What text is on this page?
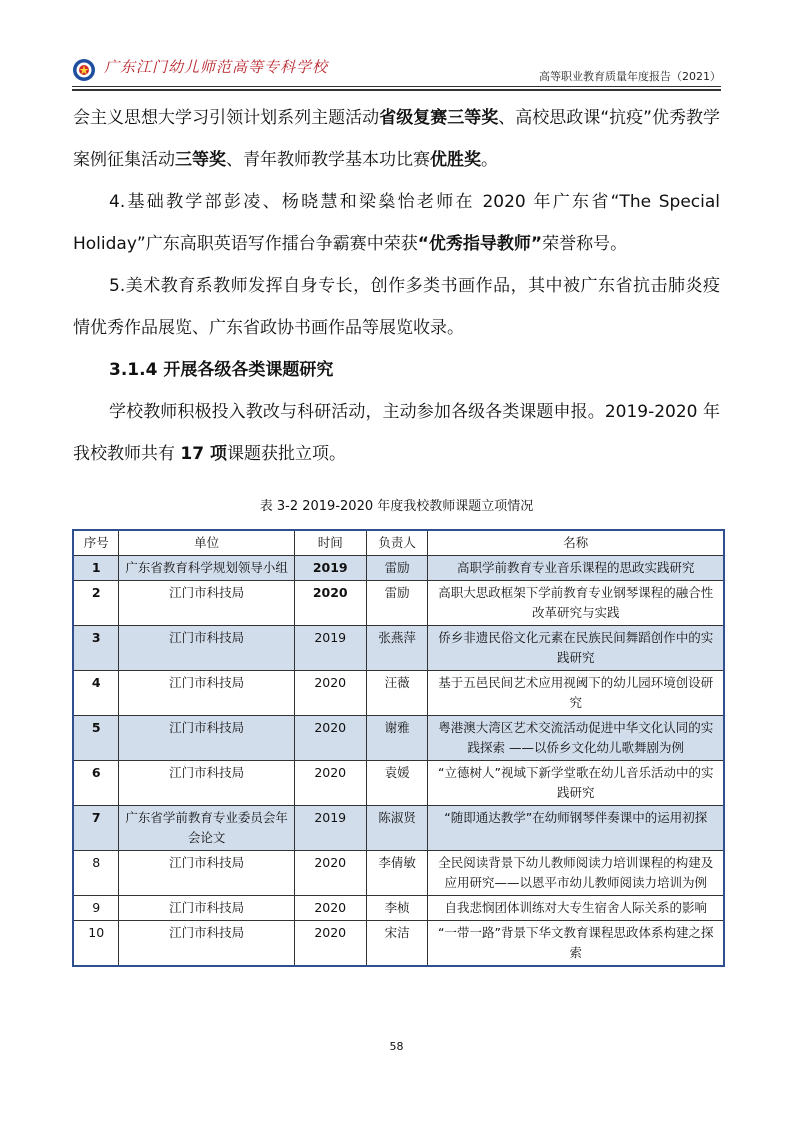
广东江门幼儿师范高等专科学校
高等职业教育质量年度报告（2021）

会主义思想大学习引领计划系列主题活动省级复赛三等奖、高校思政课“抗疫”优秀教学案例征集活动三等奖、青年教师教学基本功比赛优胜奖。

4.基础教学部彭凌、杨晓慧和梁燊怡老师在 2020 年广东省“The Special Holiday”广东高职英语写作擂台争霸赛中荣获“优秀指导教师”荣誉称号。

5.美术教育系教师发挥自身专长，创作多类书画作品，其中被广东省抗击肺炎疫情优秀作品展览、广东省政协书画作品等展览收录。

3.1.4 开展各级各类课题研究

学校教师积极投入教改与科研活动，主动参加各级各类课题申报。2019-2020 年我校教师共有 17 项课题获批立项。

表 3-2 2019-2020 年度我校教师课题立项情况
序号	单位	时间	负责人	名称
1	广东省教育科学规划领导小组	2019	雷励	高职学前教育专业音乐课程的思政实践研究
2	江门市科技局	2020	雷励	高职大思政框架下学前教育专业钢琴课程的融合性改革研究与实践
3	江门市科技局	2019	张燕萍	侨乡非遗民俗文化元素在民族民间舞蹈创作中的实践研究
4	江门市科技局	2020	汪薇	基于五邑民间艺术应用视阈下的幼儿园环境创设研究
5	江门市科技局	2020	谢雅	粤港澳大湾区艺术交流活动促进中华文化认同的实践探索 ——以侨乡文化幼儿歌舞剧为例
6	江门市科技局	2020	袁媛	“立德树人”视域下新学堂歌在幼儿音乐活动中的实践研究
7	广东省学前教育专业委员会年会论文	2019	陈淑贤	“随即通达教学”在幼师钢琴伴奏课中的运用初探
8	江门市科技局	2020	李倩敏	全民阅读背景下幼儿教师阅读力培训课程的构建及应用研究——以恩平市幼儿教师阅读力培训为例
9	江门市科技局	2020	李桢	自我悲悯团体训练对大专生宿舍人际关系的影响
10	江门市科技局	2020	宋洁	“一带一路”背景下华文教育课程思政体系构建之探索
58
